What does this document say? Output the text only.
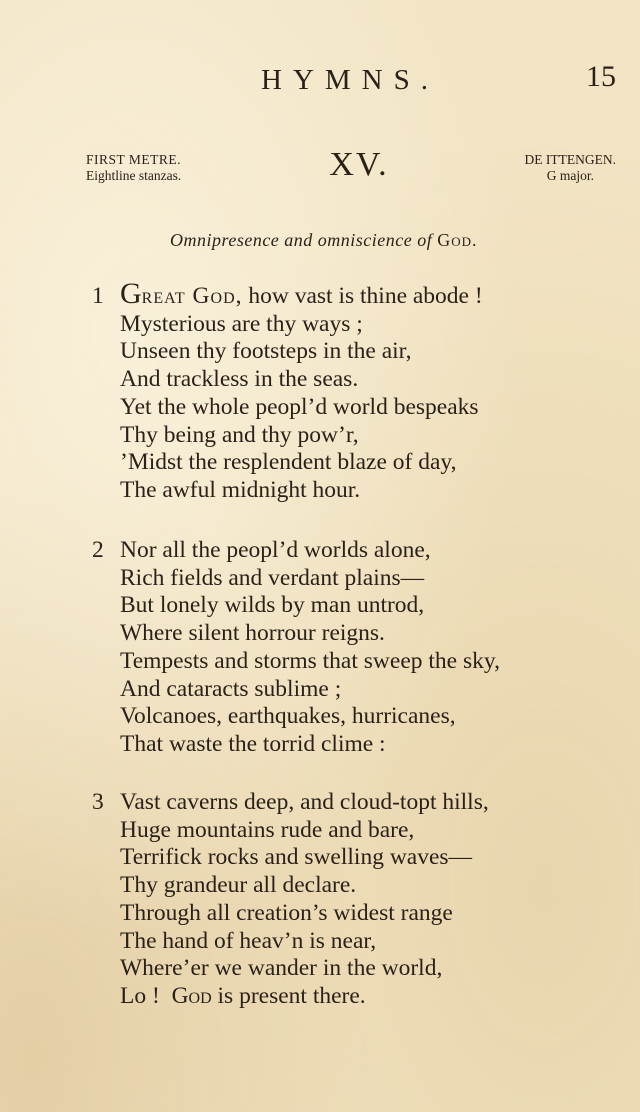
HYMNS.	15
FIRST METRE.
Eightline stanzas.	XV.	DE ITTENGEN.
G major.
Omnipresence and omniscience of God.
1 Great God, how vast is thine abode !
Mysterious are thy ways ;
Unseen thy footsteps in the air,
And trackless in the seas.
Yet the whole peopl’d world bespeaks
Thy being and thy pow’r,
’Midst the resplendent blaze of day,
The awful midnight hour.
2 Nor all the peopl’d worlds alone,
Rich fields and verdant plains—
But lonely wilds by man untrod,
Where silent horrour reigns.
Tempests and storms that sweep the sky,
And cataracts sublime ;
Volcanoes, earthquakes, hurricanes,
That waste the torrid clime :
3 Vast caverns deep, and cloud-topt hills,
Huge mountains rude and bare,
Terrifick rocks and swelling waves—
Thy grandeur all declare.
Through all creation’s widest range
The hand of heav’n is near,
Where’er we wander in the world,
Lo !  God is present there.
